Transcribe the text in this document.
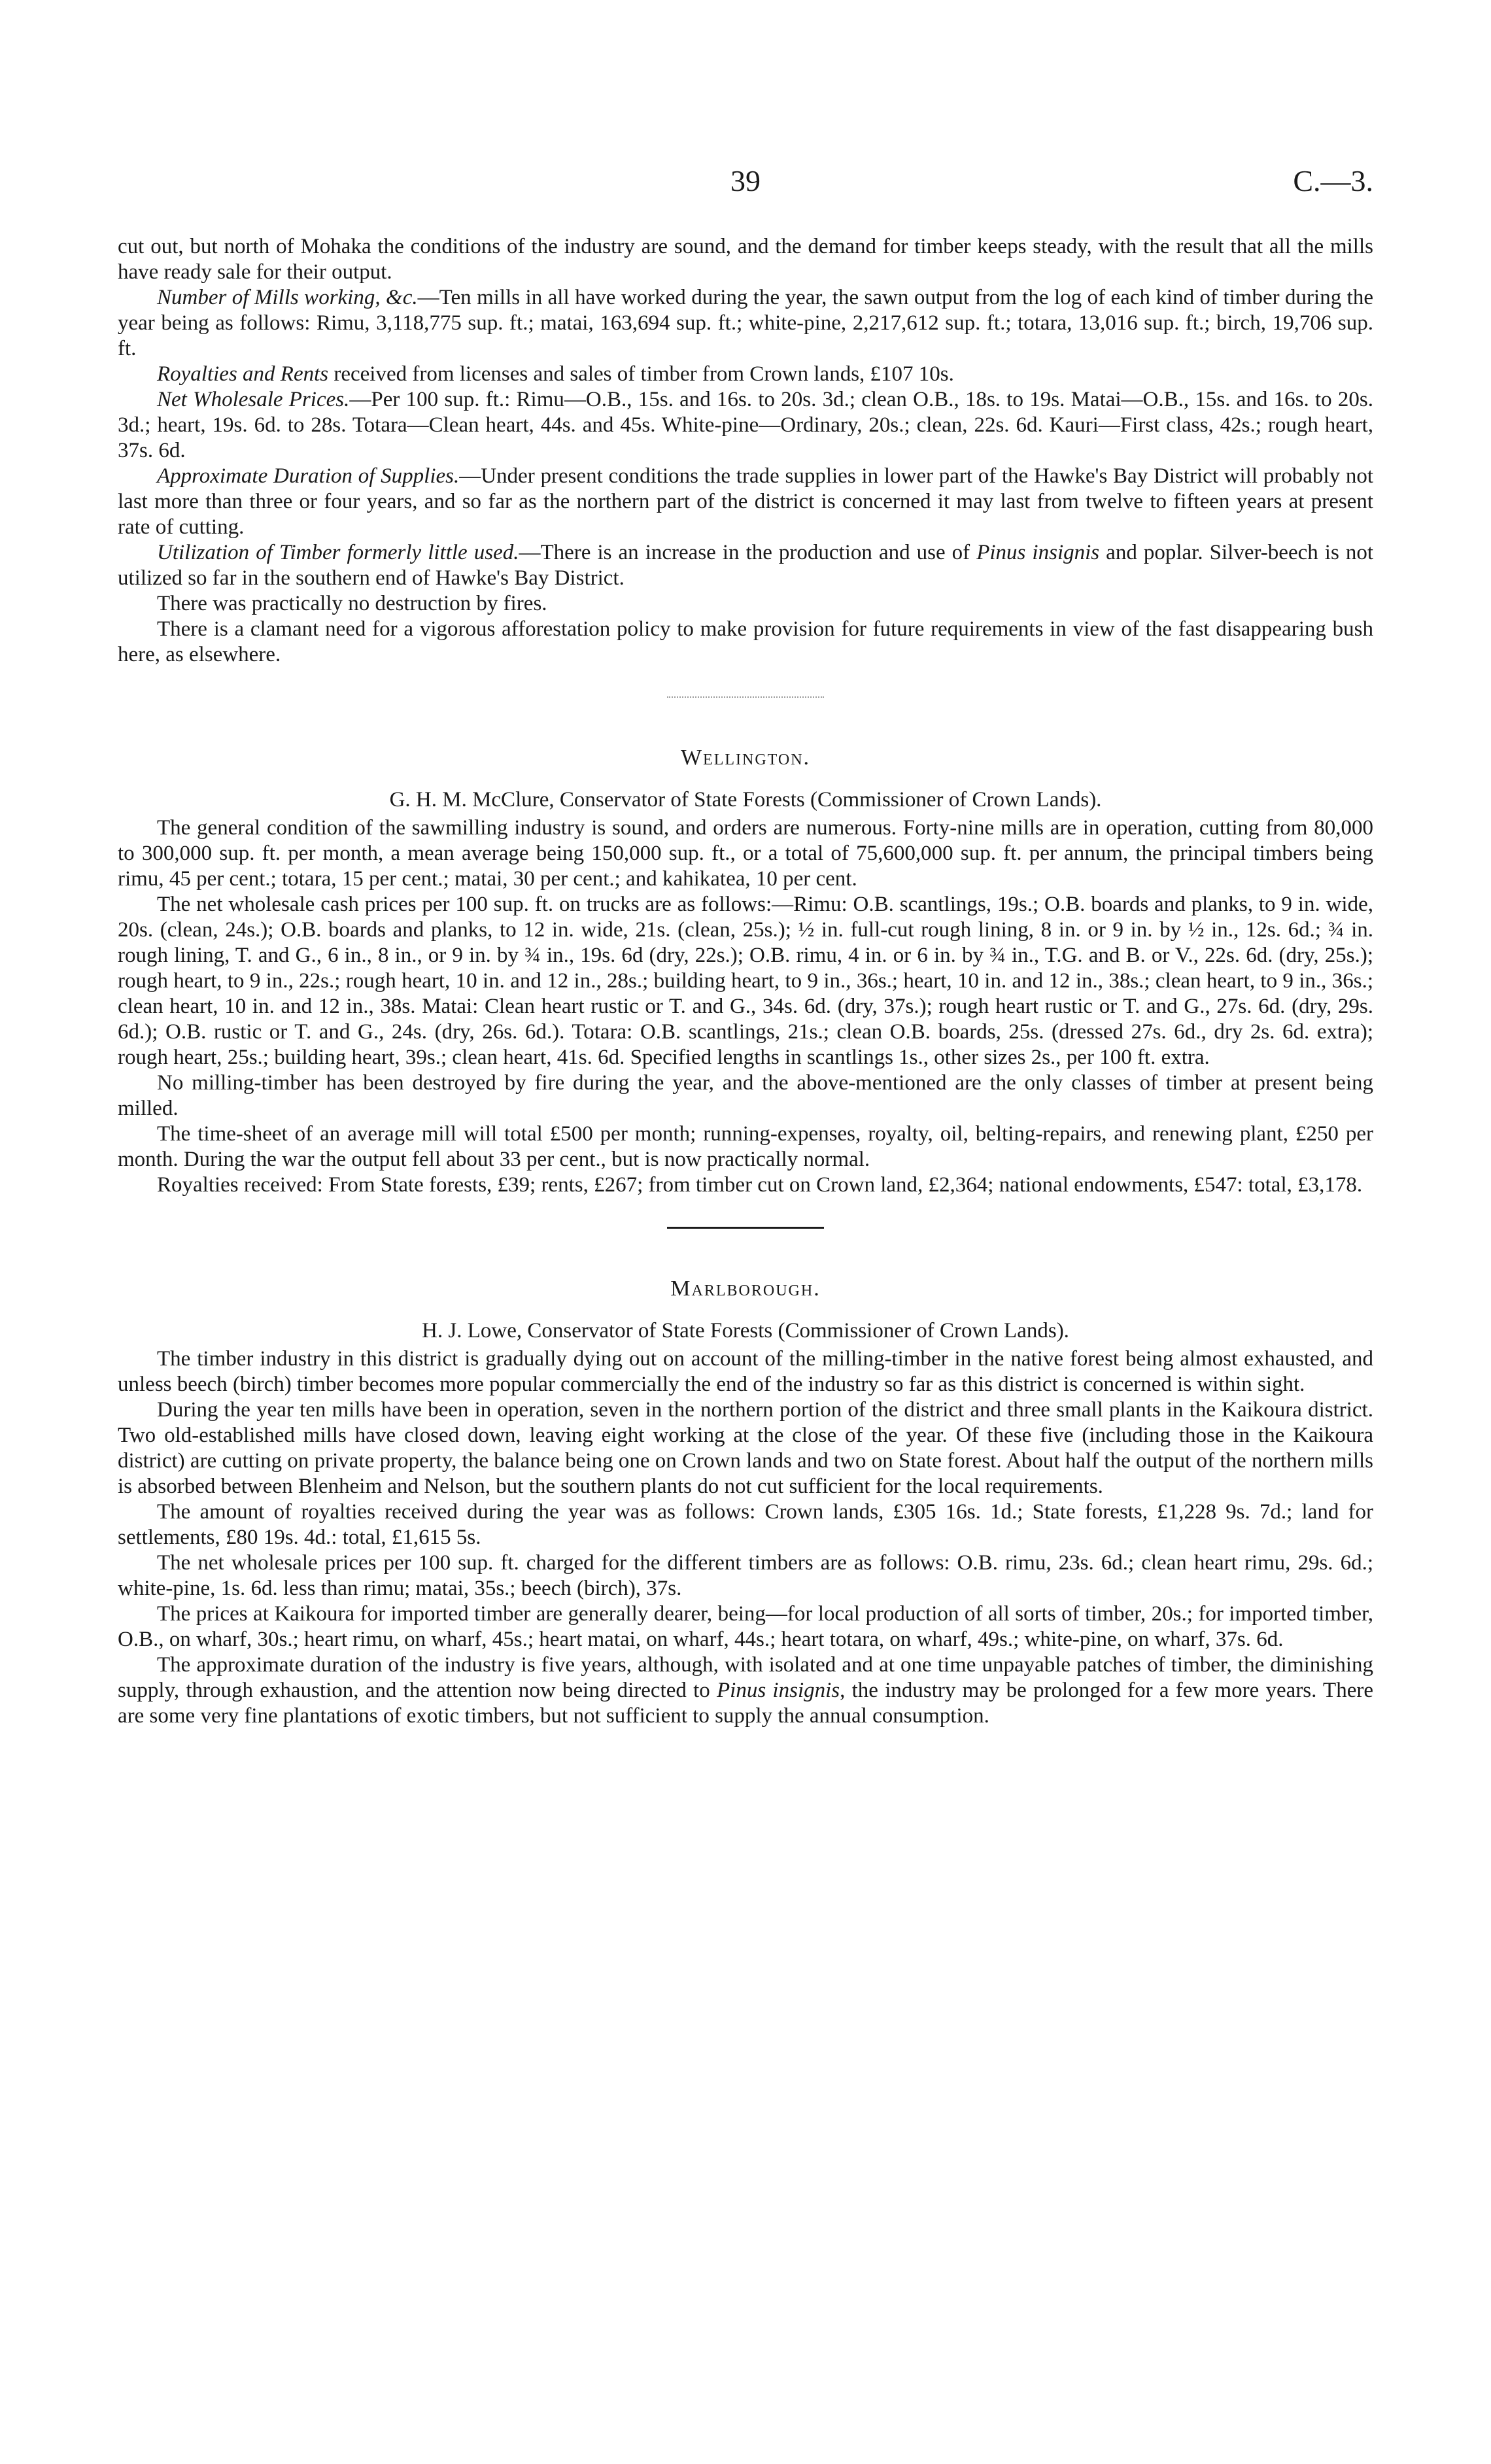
39	C.—3.

cut out, but north of Mohaka the conditions of the industry are sound, and the demand for timber keeps steady, with the result that all the mills have ready sale for their output.

Number of Mills working, &c.—Ten mills in all have worked during the year, the sawn output from the log of each kind of timber during the year being as follows: Rimu, 3,118,775 sup. ft.; matai, 163,694 sup. ft.; white-pine, 2,217,612 sup. ft.; totara, 13,016 sup. ft.; birch, 19,706 sup. ft.

Royalties and Rents received from licenses and sales of timber from Crown lands, £107 10s.

Net Wholesale Prices.—Per 100 sup. ft.: Rimu—O.B., 15s. and 16s. to 20s. 3d.; clean O.B., 18s. to 19s. Matai—O.B., 15s. and 16s. to 20s. 3d.; heart, 19s. 6d. to 28s. Totara—Clean heart, 44s. and 45s. White-pine—Ordinary, 20s.; clean, 22s. 6d. Kauri—First class, 42s.; rough heart, 37s. 6d.

Approximate Duration of Supplies.—Under present conditions the trade supplies in lower part of the Hawke's Bay District will probably not last more than three or four years, and so far as the northern part of the district is concerned it may last from twelve to fifteen years at present rate of cutting.

Utilization of Timber formerly little used.—There is an increase in the production and use of Pinus insignis and poplar. Silver-beech is not utilized so far in the southern end of Hawke's Bay District.

There was practically no destruction by fires.

There is a clamant need for a vigorous afforestation policy to make provision for future requirements in view of the fast disappearing bush here, as elsewhere.

Wellington.

G. H. M. McClure, Conservator of State Forests (Commissioner of Crown Lands).

The general condition of the sawmilling industry is sound, and orders are numerous. Forty-nine mills are in operation, cutting from 80,000 to 300,000 sup. ft. per month, a mean average being 150,000 sup. ft., or a total of 75,600,000 sup. ft. per annum, the principal timbers being rimu, 45 per cent.; totara, 15 per cent.; matai, 30 per cent.; and kahikatea, 10 per cent.

The net wholesale cash prices per 100 sup. ft. on trucks are as follows:—Rimu: O.B. scantlings, 19s.; O.B. boards and planks, to 9 in. wide, 20s. (clean, 24s.); O.B. boards and planks, to 12 in. wide, 21s. (clean, 25s.); ½ in. full-cut rough lining, 8 in. or 9 in. by ½ in., 12s. 6d.; ¾ in. rough lining, T. and G., 6 in., 8 in., or 9 in. by ¾ in., 19s. 6d (dry, 22s.); O.B. rimu, 4 in. or 6 in. by ¾ in., T.G. and B. or V., 22s. 6d. (dry, 25s.); rough heart, to 9 in., 22s.; rough heart, 10 in. and 12 in., 28s.; building heart, to 9 in., 36s.; heart, 10 in. and 12 in., 38s.; clean heart, to 9 in., 36s.; clean heart, 10 in. and 12 in., 38s. Matai: Clean heart rustic or T. and G., 34s. 6d. (dry, 37s.); rough heart rustic or T. and G., 27s. 6d. (dry, 29s. 6d.); O.B. rustic or T. and G., 24s. (dry, 26s. 6d.). Totara: O.B. scantlings, 21s.; clean O.B. boards, 25s. (dressed 27s. 6d., dry 2s. 6d. extra); rough heart, 25s.; building heart, 39s.; clean heart, 41s. 6d. Specified lengths in scantlings 1s., other sizes 2s., per 100 ft. extra.

No milling-timber has been destroyed by fire during the year, and the above-mentioned are the only classes of timber at present being milled.

The time-sheet of an average mill will total £500 per month; running-expenses, royalty, oil, belting-repairs, and renewing plant, £250 per month. During the war the output fell about 33 per cent., but is now practically normal.

Royalties received: From State forests, £39; rents, £267; from timber cut on Crown land, £2,364; national endowments, £547: total, £3,178.

Marlborough.

H. J. Lowe, Conservator of State Forests (Commissioner of Crown Lands).

The timber industry in this district is gradually dying out on account of the milling-timber in the native forest being almost exhausted, and unless beech (birch) timber becomes more popular commercially the end of the industry so far as this district is concerned is within sight.

During the year ten mills have been in operation, seven in the northern portion of the district and three small plants in the Kaikoura district. Two old-established mills have closed down, leaving eight working at the close of the year. Of these five (including those in the Kaikoura district) are cutting on private property, the balance being one on Crown lands and two on State forest. About half the output of the northern mills is absorbed between Blenheim and Nelson, but the southern plants do not cut sufficient for the local requirements.

The amount of royalties received during the year was as follows: Crown lands, £305 16s. 1d.; State forests, £1,228 9s. 7d.; land for settlements, £80 19s. 4d.: total, £1,615 5s.

The net wholesale prices per 100 sup. ft. charged for the different timbers are as follows: O.B. rimu, 23s. 6d.; clean heart rimu, 29s. 6d.; white-pine, 1s. 6d. less than rimu; matai, 35s.; beech (birch), 37s.

The prices at Kaikoura for imported timber are generally dearer, being—for local production of all sorts of timber, 20s.; for imported timber, O.B., on wharf, 30s.; heart rimu, on wharf, 45s.; heart matai, on wharf, 44s.; heart totara, on wharf, 49s.; white-pine, on wharf, 37s. 6d.

The approximate duration of the industry is five years, although, with isolated and at one time unpayable patches of timber, the diminishing supply, through exhaustion, and the attention now being directed to Pinus insignis, the industry may be prolonged for a few more years. There are some very fine plantations of exotic timbers, but not sufficient to supply the annual consumption.
